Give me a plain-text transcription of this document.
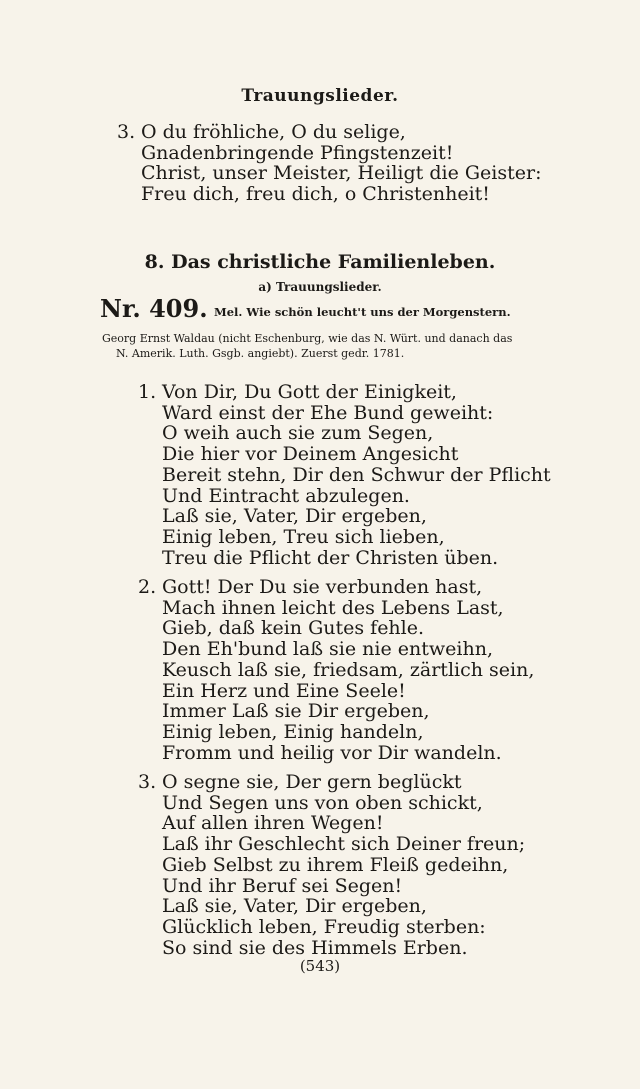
Trauungslieder.
3. O du fröhliche, O du selige,
Gnadenbringende Pfingstenzeit!
Christ, unser Meister, Heiligt die Geister:
Freu dich, freu dich, o Christenheit!
8. Das christliche Familienleben.
a) Trauungslieder.
Nr. 409. Mel. Wie schön leucht't uns der Morgenstern.
Georg Ernst Waldau (nicht Eschenburg, wie das N. Würt. und danach das
N. Amerik. Luth. Gsgb. angiebt). Zuerst gedr. 1781.
1. Von Dir, Du Gott der Einigkeit,
Ward einst der Ehe Bund geweiht:
O weih auch sie zum Segen,
Die hier vor Deinem Angesicht
Bereit stehn, Dir den Schwur der Pflicht
Und Eintracht abzulegen.
Laß sie, Vater, Dir ergeben,
Einig leben, Treu sich lieben,
Treu die Pflicht der Christen üben.
2. Gott! Der Du sie verbunden hast,
Mach ihnen leicht des Lebens Last,
Gieb, daß kein Gutes fehle.
Den Eh'bund laß sie nie entweihn,
Keusch laß sie, friedsam, zärtlich sein,
Ein Herz und Eine Seele!
Immer Laß sie Dir ergeben,
Einig leben, Einig handeln,
Fromm und heilig vor Dir wandeln.
3. O segne sie, Der gern beglückt
Und Segen uns von oben schickt,
Auf allen ihren Wegen!
Laß ihr Geschlecht sich Deiner freun;
Gieb Selbst zu ihrem Fleiß gedeihn,
Und ihr Beruf sei Segen!
Laß sie, Vater, Dir ergeben,
Glücklich leben, Freudig sterben:
So sind sie des Himmels Erben.
(543)
